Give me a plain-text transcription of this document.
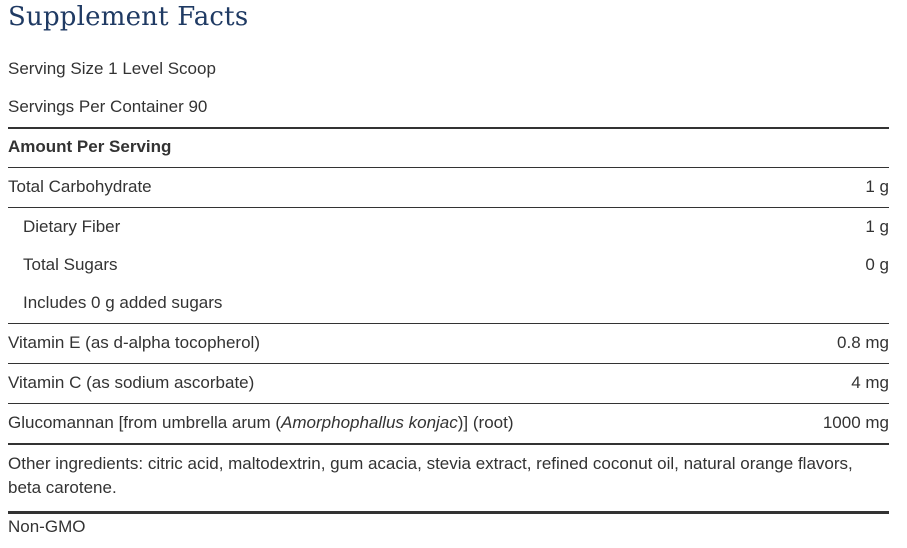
Supplement Facts
Serving Size 1 Level Scoop
Servings Per Container 90
Amount Per Serving
Total Carbohydrate	1 g
Dietary Fiber	1 g
Total Sugars	0 g
Includes 0 g added sugars
Vitamin E (as d-alpha tocopherol)	0.8 mg
Vitamin C (as sodium ascorbate)	4 mg
Glucomannan [from umbrella arum (Amorphophallus konjac)] (root)	1000 mg
Other ingredients: citric acid, maltodextrin, gum acacia, stevia extract, refined coconut oil, natural orange flavors, beta carotene.
Non-GMO
